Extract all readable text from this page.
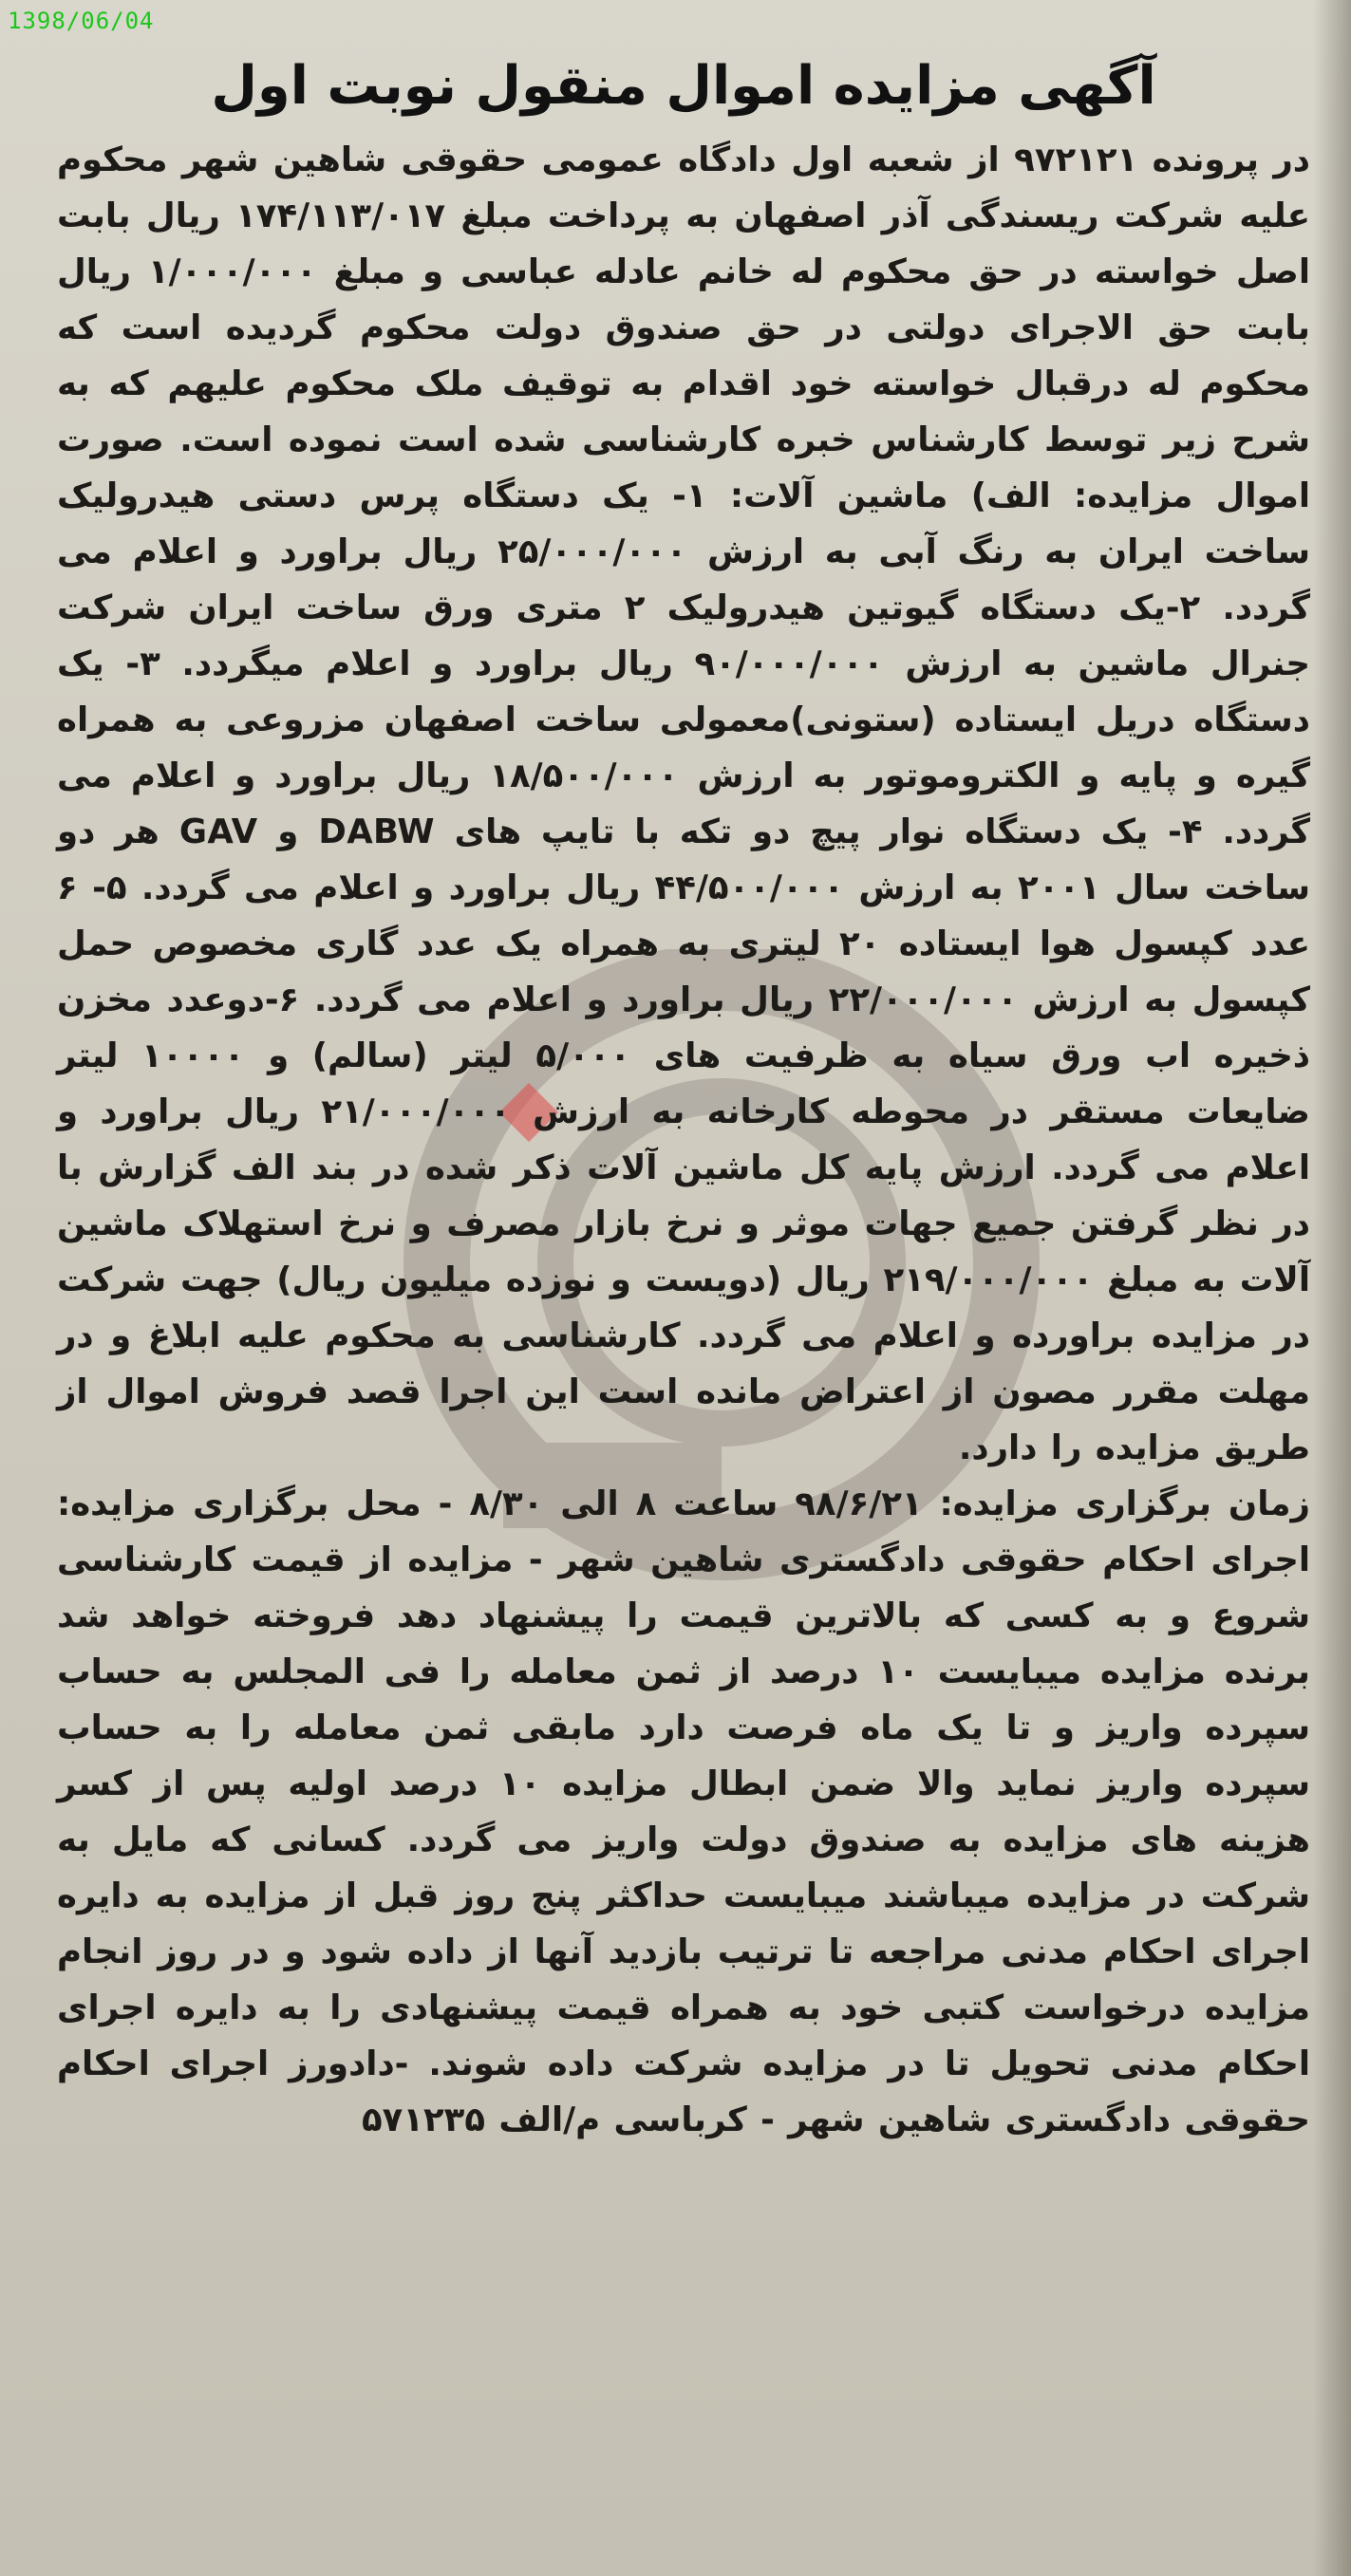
1398/06/04
آگهی مزایده اموال منقول نوبت اول

در پرونده ۹۷۲۱۲۱ از شعبه اول دادگاه عمومی حقوقی شاهین شهر محکوم علیه شرکت ریسندگی آذر اصفهان به پرداخت مبلغ ۱۷۴/۱۱۳/۰۱۷ ریال بابت اصل خواسته در حق محکوم له خانم عادله عباسی و مبلغ ۱/۰۰۰/۰۰۰ ریال بابت حق الاجرای دولتی در حق صندوق دولت محکوم گردیده است که محکوم له درقبال خواسته خود اقدام به توقیف ملک محکوم علیهم که به شرح زیر توسط کارشناس خبره کارشناسی شده است نموده است. صورت اموال مزایده: الف) ماشین آلات: ۱- یک دستگاه پرس دستی هیدرولیک ساخت ایران به رنگ آبی به ارزش ۲۵/۰۰۰/۰۰۰ ریال براورد و اعلام می گردد. ۲-یک دستگاه گیوتین هیدرولیک ۲ متری ورق ساخت ایران شرکت جنرال ماشین به ارزش ۹۰/۰۰۰/۰۰۰ ریال براورد و اعلام میگردد. ۳- یک دستگاه دریل ایستاده (ستونی)معمولی ساخت اصفهان مزروعی به همراه گیره و پایه و الکتروموتور به ارزش ۱۸/۵۰۰/۰۰۰ ریال براورد و اعلام می گردد. ۴- یک دستگاه نوار پیچ دو تکه با تایپ های DABW و GAV هر دو ساخت سال ۲۰۰۱ به ارزش ۴۴/۵۰۰/۰۰۰ ریال براورد و اعلام می گردد. ۵- ۶ عدد کپسول هوا ایستاده ۲۰ لیتری به همراه یک عدد گاری مخصوص حمل کپسول به ارزش ۲۲/۰۰۰/۰۰۰ ریال براورد و اعلام می گردد. ۶-دوعدد مخزن ذخیره اب ورق سیاه به ظرفیت های ۵/۰۰۰ لیتر (سالم) و ۱۰۰۰۰ لیتر ضایعات مستقر در محوطه کارخانه به ارزش ۲۱/۰۰۰/۰۰۰ ریال براورد و اعلام می گردد. ارزش پایه کل ماشین آلات ذکر شده در بند الف گزارش با در نظر گرفتن جمیع جهات موثر و نرخ بازار مصرف و نرخ استهلاک ماشین آلات به مبلغ ۲۱۹/۰۰۰/۰۰۰ ریال (دویست و نوزده میلیون ریال) جهت شرکت در مزایده براورده و اعلام می گردد. کارشناسی به محکوم علیه ابلاغ و در مهلت مقرر مصون از اعتراض مانده است این اجرا قصد فروش اموال از طریق مزایده را دارد.

زمان برگزاری مزایده: ۹۸/۶/۲۱ ساعت ۸ الی ۸/۳۰ - محل برگزاری مزایده: اجرای احکام حقوقی دادگستری شاهین شهر - مزایده از قیمت کارشناسی شروع و به کسی که بالاترین قیمت را پیشنهاد دهد فروخته خواهد شد برنده مزایده میبایست ۱۰ درصد از ثمن معامله را فی المجلس به حساب سپرده واریز و تا یک ماه فرصت دارد مابقی ثمن معامله را به حساب سپرده واریز نماید والا ضمن ابطال مزایده ۱۰ درصد اولیه پس از کسر هزینه های مزایده به صندوق دولت واریز می گردد. کسانی که مایل به شرکت در مزایده میباشند میبایست حداکثر پنج روز قبل از مزایده به دایره اجرای احکام مدنی مراجعه تا ترتیب بازدید آنها از داده شود و در روز انجام مزایده درخواست کتبی خود به همراه قیمت پیشنهادی را به دایره اجرای احکام مدنی تحویل تا در مزایده شرکت داده شوند. -دادورز اجرای احکام حقوقی دادگستری شاهین شهر - کرباسی م/الف ۵۷۱۲۳۵
